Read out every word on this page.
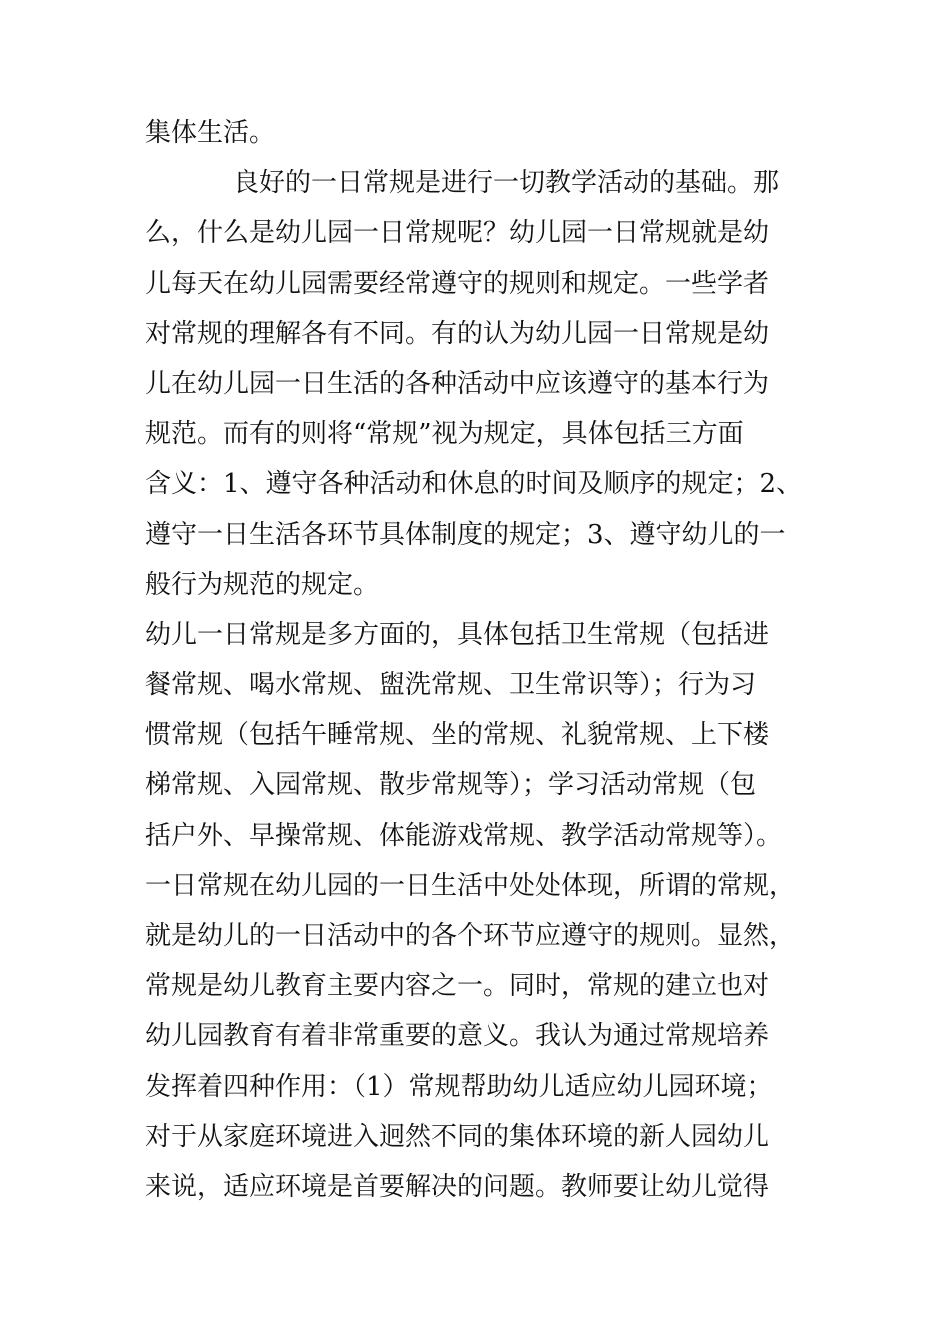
集体生活。
良好的一日常规是进行一切教学活动的基础。那
么，什么是幼儿园一日常规呢？幼儿园一日常规就是幼
儿每天在幼儿园需要经常遵守的规则和规定。一些学者
对常规的理解各有不同。有的认为幼儿园一日常规是幼
儿在幼儿园一日生活的各种活动中应该遵守的基本行为
规范。而有的则将“常规”视为规定，具体包括三方面
含义：1、遵守各种活动和休息的时间及顺序的规定；2、
遵守一日生活各环节具体制度的规定；3、遵守幼儿的一
般行为规范的规定。
幼儿一日常规是多方面的，具体包括卫生常规（包括进
餐常规、喝水常规、盥洗常规、卫生常识等）；行为习
惯常规（包括午睡常规、坐的常规、礼貌常规、上下楼
梯常规、入园常规、散步常规等）；学习活动常规（包
括户外、早操常规、体能游戏常规、教学活动常规等）。
一日常规在幼儿园的一日生活中处处体现，所谓的常规，
就是幼儿的一日活动中的各个环节应遵守的规则。显然，
常规是幼儿教育主要内容之一。同时，常规的建立也对
幼儿园教育有着非常重要的意义。我认为通过常规培养
发挥着四种作用：（1）常规帮助幼儿适应幼儿园环境；
对于从家庭环境进入迥然不同的集体环境的新人园幼儿
来说，适应环境是首要解决的问题。教师要让幼儿觉得
